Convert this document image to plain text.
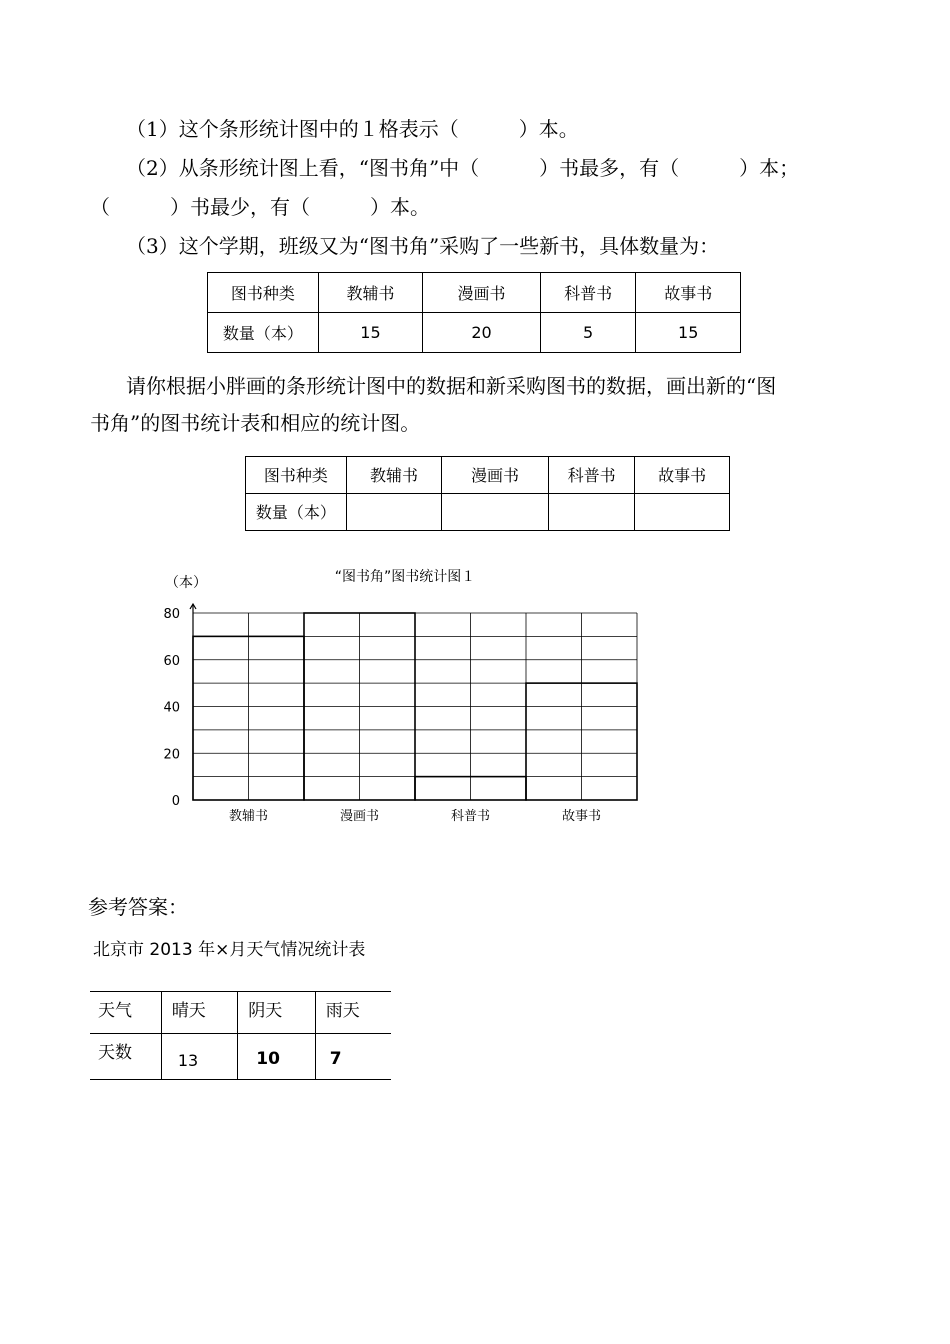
（1）这个条形统计图中的１格表示（　　　）本。
（2）从条形统计图上看，“图书角”中（　　　）书最多，有（　　　）本；
（　　　）书最少，有（　　　）本。
（3）这个学期，班级又为“图书角”采购了一些新书，具体数量为：
图书种类	教辅书	漫画书	科普书	故事书
数量（本）	15	20	5	15
请你根据小胖画的条形统计图中的数据和新采购图书的数据，画出新的“图
书角”的图书统计表和相应的统计图。
图书种类	教辅书	漫画书	科普书	故事书
数量（本）				
“图书角”图书统计图１
（本）
0
20
40
60
80
教辅书	漫画书	科普书	故事书
参考答案：
北京市 2013 年×月天气情况统计表
天气	晴天	阴天	雨天
天数	13	10	7
